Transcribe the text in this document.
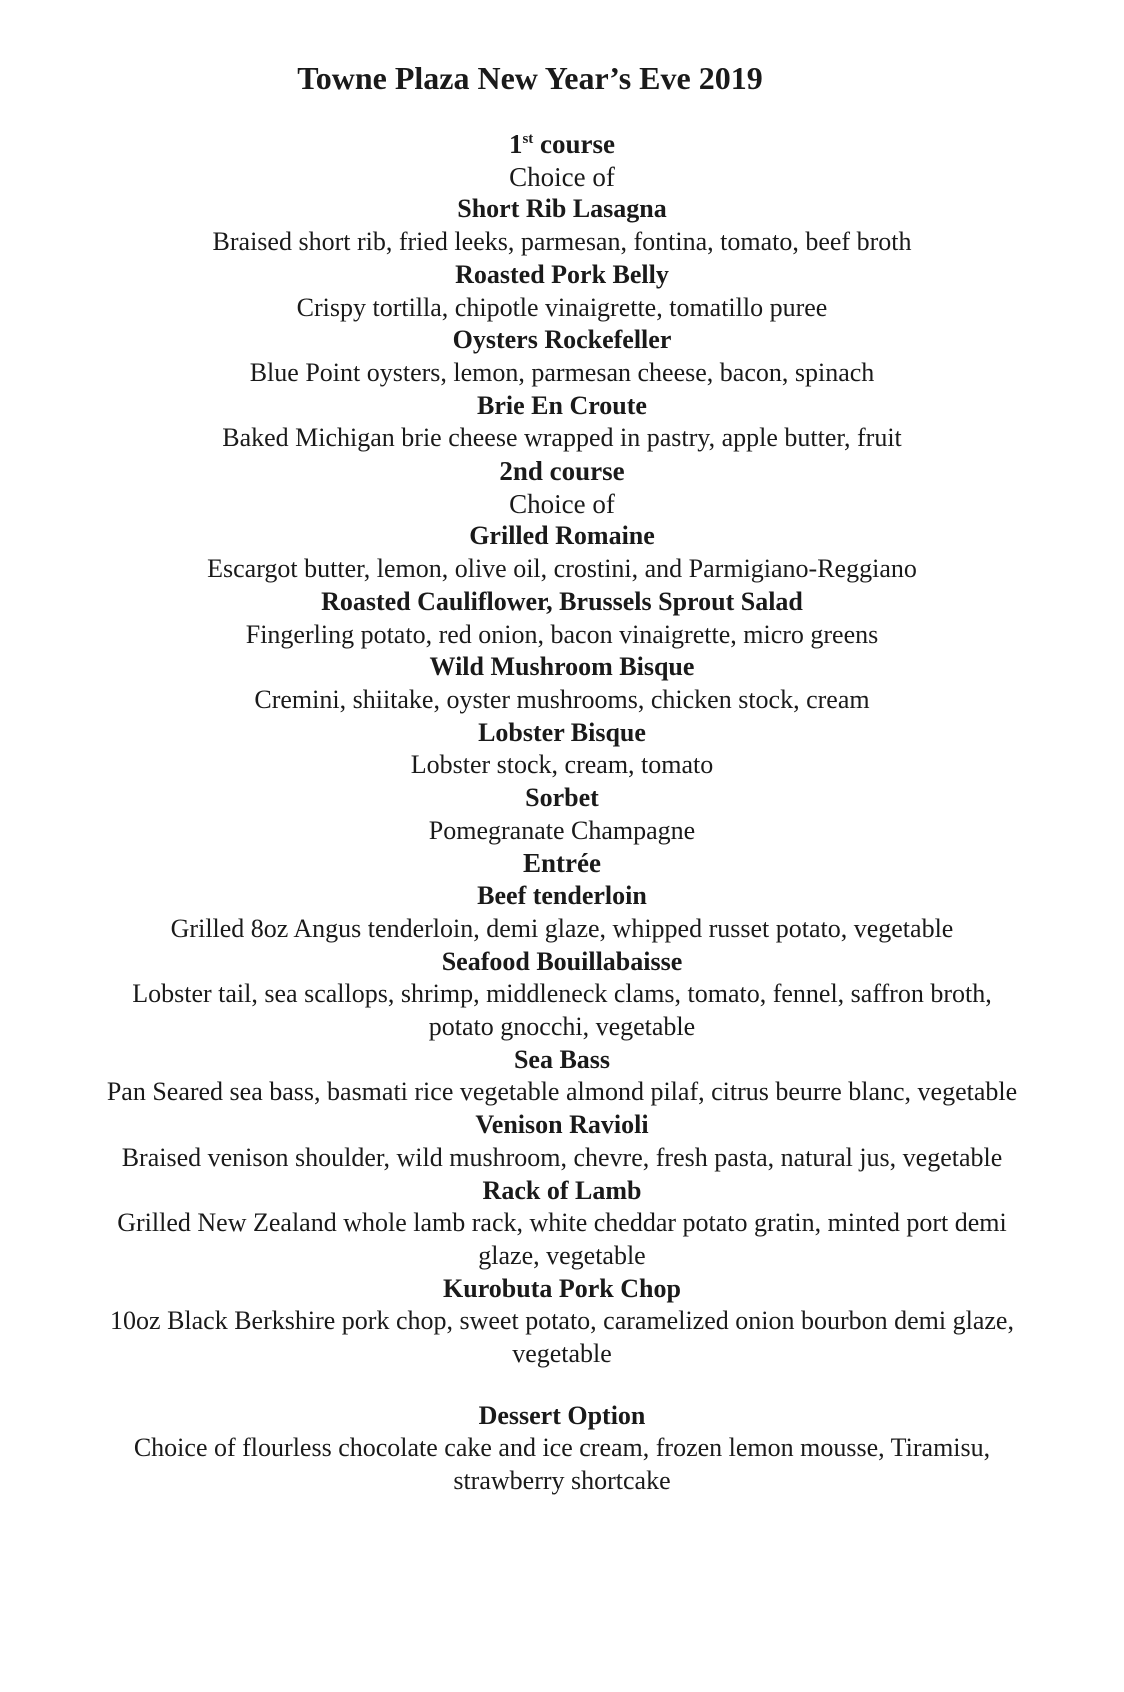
Towne Plaza New Year’s Eve 2019
1st course
Choice of
Short Rib Lasagna
Braised short rib, fried leeks, parmesan, fontina, tomato, beef broth
Roasted Pork Belly
Crispy tortilla, chipotle vinaigrette, tomatillo puree
Oysters Rockefeller
Blue Point oysters, lemon, parmesan cheese, bacon, spinach
Brie En Croute
Baked Michigan brie cheese wrapped in pastry, apple butter, fruit
2nd course
Choice of
Grilled Romaine
Escargot butter, lemon, olive oil, crostini, and Parmigiano-Reggiano
Roasted Cauliflower, Brussels Sprout Salad
Fingerling potato, red onion, bacon vinaigrette, micro greens
Wild Mushroom Bisque
Cremini, shiitake, oyster mushrooms, chicken stock, cream
Lobster Bisque
Lobster stock, cream, tomato
Sorbet
Pomegranate Champagne
Entrée
Beef tenderloin
Grilled 8oz Angus tenderloin, demi glaze, whipped russet potato, vegetable
Seafood Bouillabaisse
Lobster tail, sea scallops, shrimp, middleneck clams, tomato, fennel, saffron broth, potato gnocchi, vegetable
Sea Bass
Pan Seared sea bass, basmati rice vegetable almond pilaf, citrus beurre blanc, vegetable
Venison Ravioli
Braised venison shoulder, wild mushroom, chevre, fresh pasta, natural jus, vegetable
Rack of Lamb
Grilled New Zealand whole lamb rack, white cheddar potato gratin, minted port demi glaze, vegetable
Kurobuta Pork Chop
10oz Black Berkshire pork chop, sweet potato, caramelized onion bourbon demi glaze, vegetable
Dessert Option
Choice of flourless chocolate cake and ice cream, frozen lemon mousse, Tiramisu, strawberry shortcake
